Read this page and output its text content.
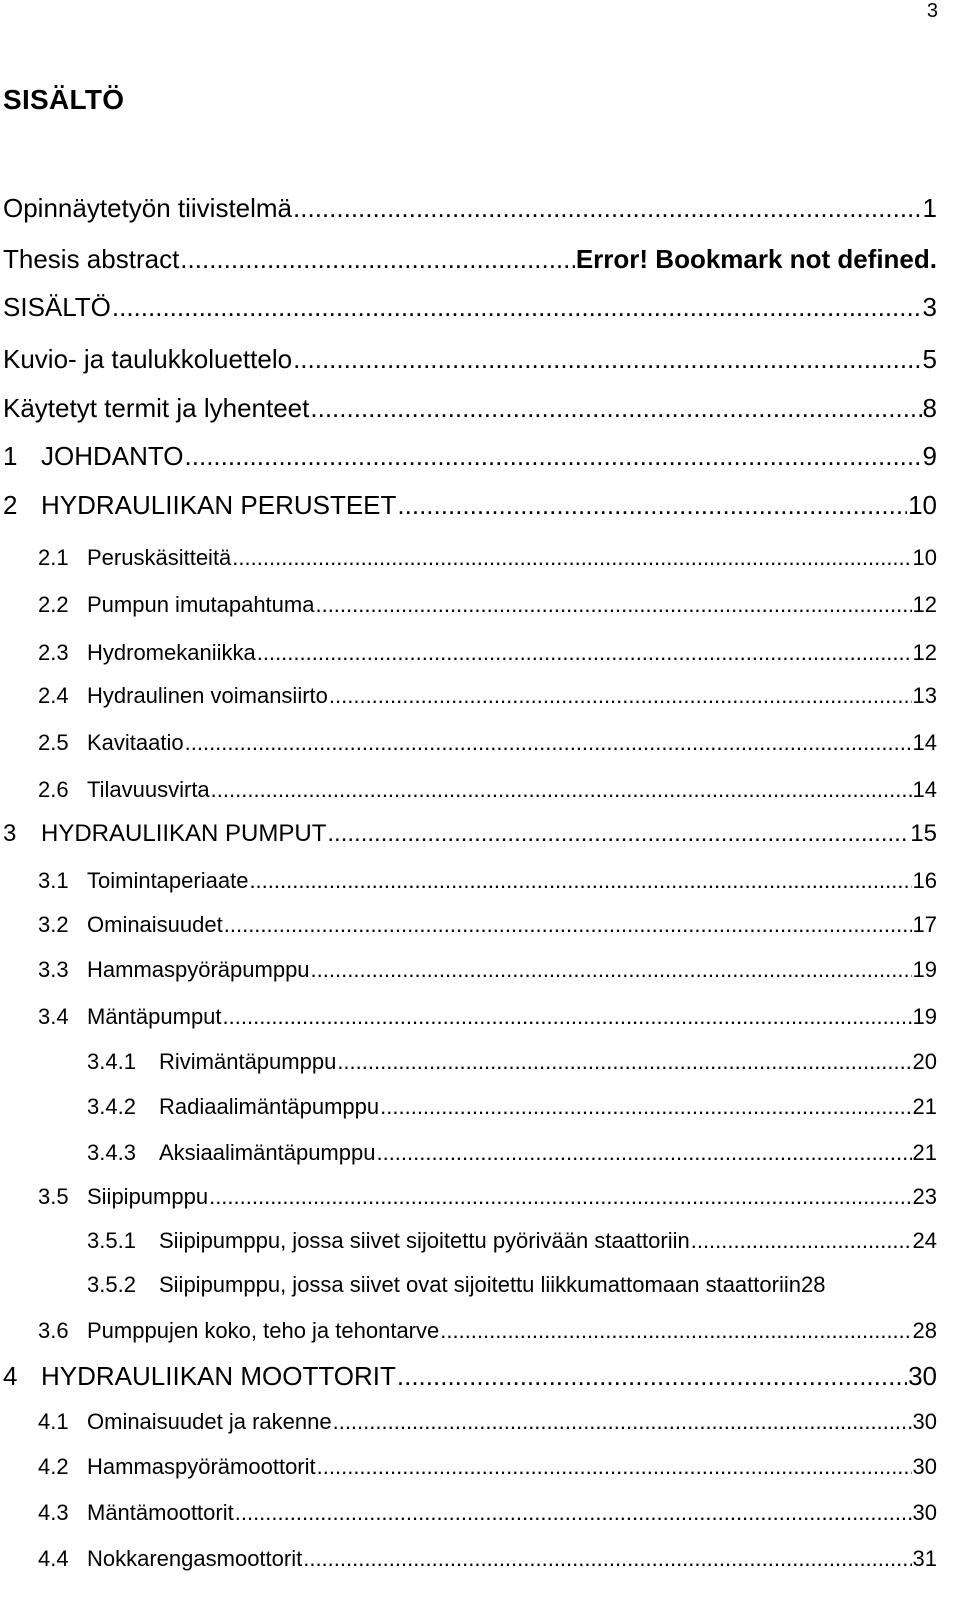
3
SISÄLTÖ
Opinnäytetyön tiivistelmä .....	1
Thesis abstract .....	Error! Bookmark not defined.
SISÄLTÖ .....	3
Kuvio- ja taulukkoluettelo .....	5
Käytetyt termit ja lyhenteet .....	8
1 JOHDANTO .....	9
2 HYDRAULIIKAN PERUSTEET .....	10
2.1 Peruskäsitteitä .....	10
2.2 Pumpun imutapahtuma .....	12
2.3 Hydromekaniikka .....	12
2.4 Hydraulinen voimansiirto .....	13
2.5 Kavitaatio .....	14
2.6 Tilavuusvirta .....	14
3	HYDRAULIIKAN PUMPUT .....	15
3.1 Toimintaperiaate .....	16
3.2 Ominaisuudet .....	17
3.3 Hammaspyöräpumppu .....	19
3.4 Mäntäpumput .....	19
3.4.1	Rivimäntäpumppu .....	20
3.4.2	Radiaalimäntäpumppu .....	21
3.4.3	Aksiaalimäntäpumppu .....	21
3.5 Siipipumppu .....	23
3.5.1	Siipipumppu, jossa siivet sijoitettu pyörivään staattoriin .....	24
3.5.2	Siipipumppu, jossa siivet ovat sijoitettu liikkumattomaan staattoriin 28
3.6 Pumppujen koko, teho ja tehontarve .....	28
4 HYDRAULIIKAN MOOTTORIT .....	30
4.1 Ominaisuudet ja rakenne .....	30
4.2 Hammaspyörämoottorit .....	30
4.3 Mäntämoottorit .....	30
4.4 Nokkarengasmoottorit .....	31
